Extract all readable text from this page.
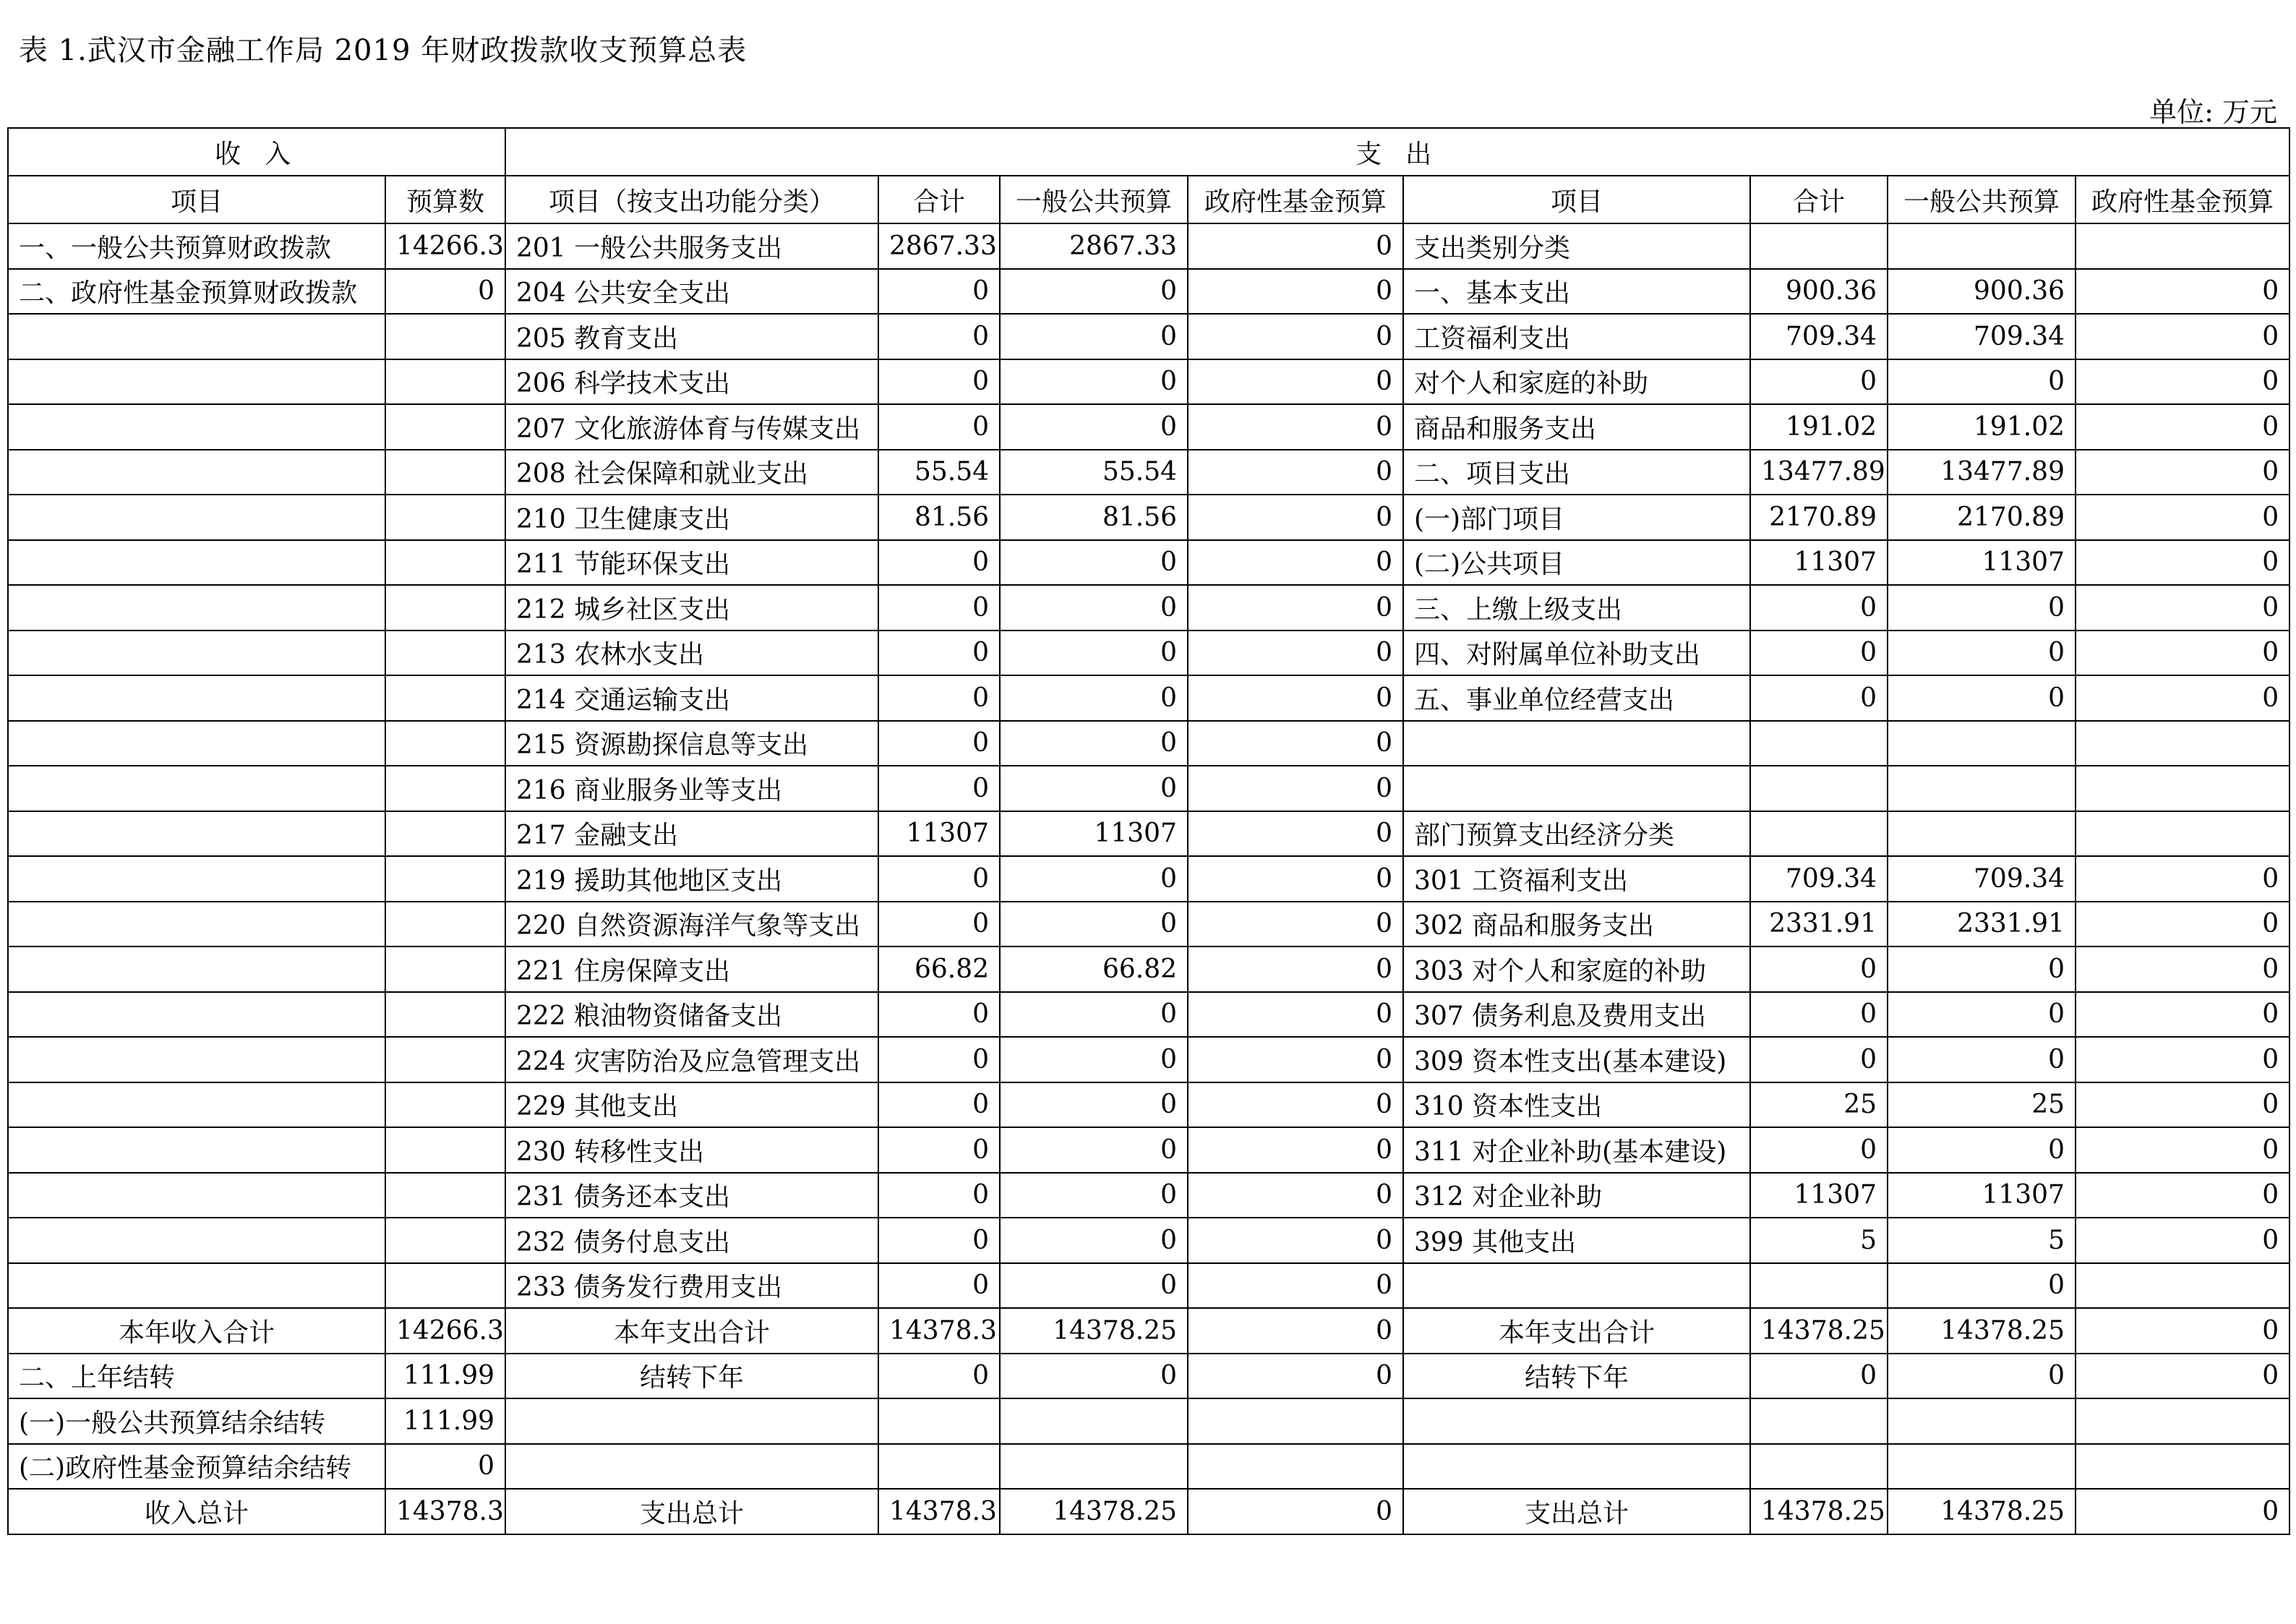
表 1.武汉市金融工作局 2019 年财政拨款收支预算总表
单位: 万元
收 入		支 出							
项目	预算数	项目（按支出功能分类）	合计	一般公共预算	政府性基金预算	项目	合计	一般公共预算	政府性基金预算
一、一般公共预算财政拨款	14266.3	201 一般公共服务支出	2867.33	2867.33	0	支出类别分类			
二、政府性基金预算财政拨款	0	204 公共安全支出	0	0	0	一、基本支出	900.36	900.36	0
		205 教育支出	0	0	0	工资福利支出	709.34	709.34	0
		206 科学技术支出	0	0	0	对个人和家庭的补助	0	0	0
		207 文化旅游体育与传媒支出	0	0	0	商品和服务支出	191.02	191.02	0
		208 社会保障和就业支出	55.54	55.54	0	二、项目支出	13477.89	13477.89	0
		210 卫生健康支出	81.56	81.56	0	(一)部门项目	2170.89	2170.89	0
		211 节能环保支出	0	0	0	(二)公共项目	11307	11307	0
		212 城乡社区支出	0	0	0	三、上缴上级支出	0	0	0
		213 农林水支出	0	0	0	四、对附属单位补助支出	0	0	0
		214 交通运输支出	0	0	0	五、事业单位经营支出	0	0	0
		215 资源勘探信息等支出	0	0	0				
		216 商业服务业等支出	0	0	0				
		217 金融支出	11307	11307	0	部门预算支出经济分类			
		219 援助其他地区支出	0	0	0	301 工资福利支出	709.34	709.34	0
		220 自然资源海洋气象等支出	0	0	0	302 商品和服务支出	2331.91	2331.91	0
		221 住房保障支出	66.82	66.82	0	303 对个人和家庭的补助	0	0	0
		222 粮油物资储备支出	0	0	0	307 债务利息及费用支出	0	0	0
		224 灾害防治及应急管理支出	0	0	0	309 资本性支出(基本建设)	0	0	0
		229 其他支出	0	0	0	310 资本性支出	25	25	0
		230 转移性支出	0	0	0	311 对企业补助(基本建设)	0	0	0
		231 债务还本支出	0	0	0	312 对企业补助	11307	11307	0
		232 债务付息支出	0	0	0	399 其他支出	5	5	0
		233 债务发行费用支出	0	0	0			0	
本年收入合计	14266.3	本年支出合计	14378.3	14378.25	0	本年支出合计	14378.25	14378.25	0
二、上年结转	111.99	结转下年	0	0	0	结转下年	0	0	0
(一)一般公共预算结余结转	111.99								
(二)政府性基金预算结余结转	0								
收入总计	14378.3	支出总计	14378.3	14378.25	0	支出总计	14378.25	14378.25	0
